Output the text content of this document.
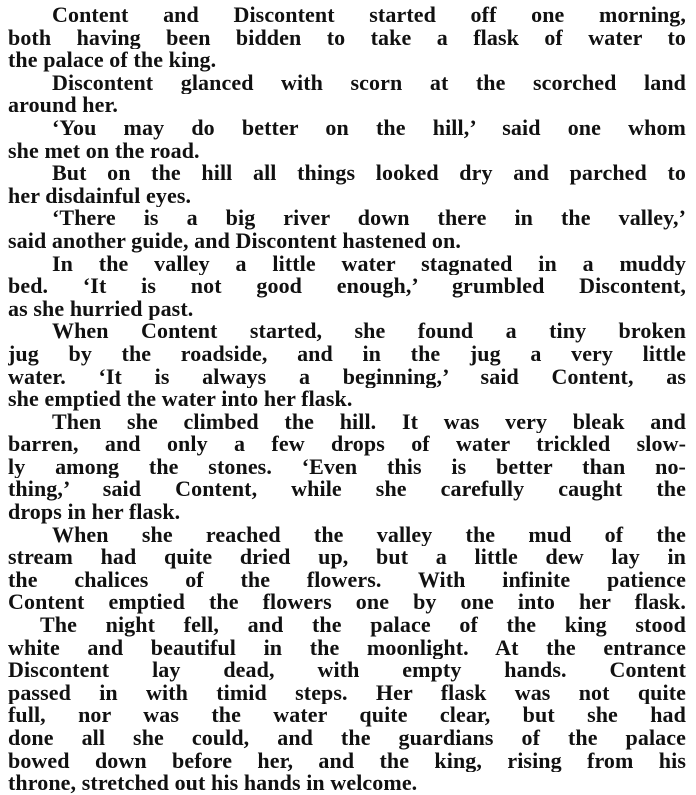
Content and Discontent started off one morning,
both having been bidden to take a flask of water to
the palace of the king.
Discontent glanced with scorn at the scorched land
around her.
‘You may do better on the hill,’ said one whom
she met on the road.
But on the hill all things looked dry and parched to
her disdainful eyes.
‘There is a big river down there in the valley,’
said another guide, and Discontent hastened on.
In the valley a little water stagnated in a muddy
bed. ‘It is not good enough,’ grumbled Discontent,
as she hurried past.
When Content started, she found a tiny broken
jug by the roadside, and in the jug a very little
water. ‘It is always a beginning,’ said Content, as
she emptied the water into her flask.
Then she climbed the hill. It was very bleak and
barren, and only a few drops of water trickled slow-
ly among the stones. ‘Even this is better than no-
thing,’ said Content, while she carefully caught the
drops in her flask.
When she reached the valley the mud of the
stream had quite dried up, but a little dew lay in
the chalices of the flowers. With infinite patience
Content emptied the flowers one by one into her flask.
The night fell, and the palace of the king stood
white and beautiful in the moonlight. At the entrance
Discontent lay dead, with empty hands. Content
passed in with timid steps. Her flask was not quite
full, nor was the water quite clear, but she had
done all she could, and the guardians of the palace
bowed down before her, and the king, rising from his
throne, stretched out his hands in welcome.
